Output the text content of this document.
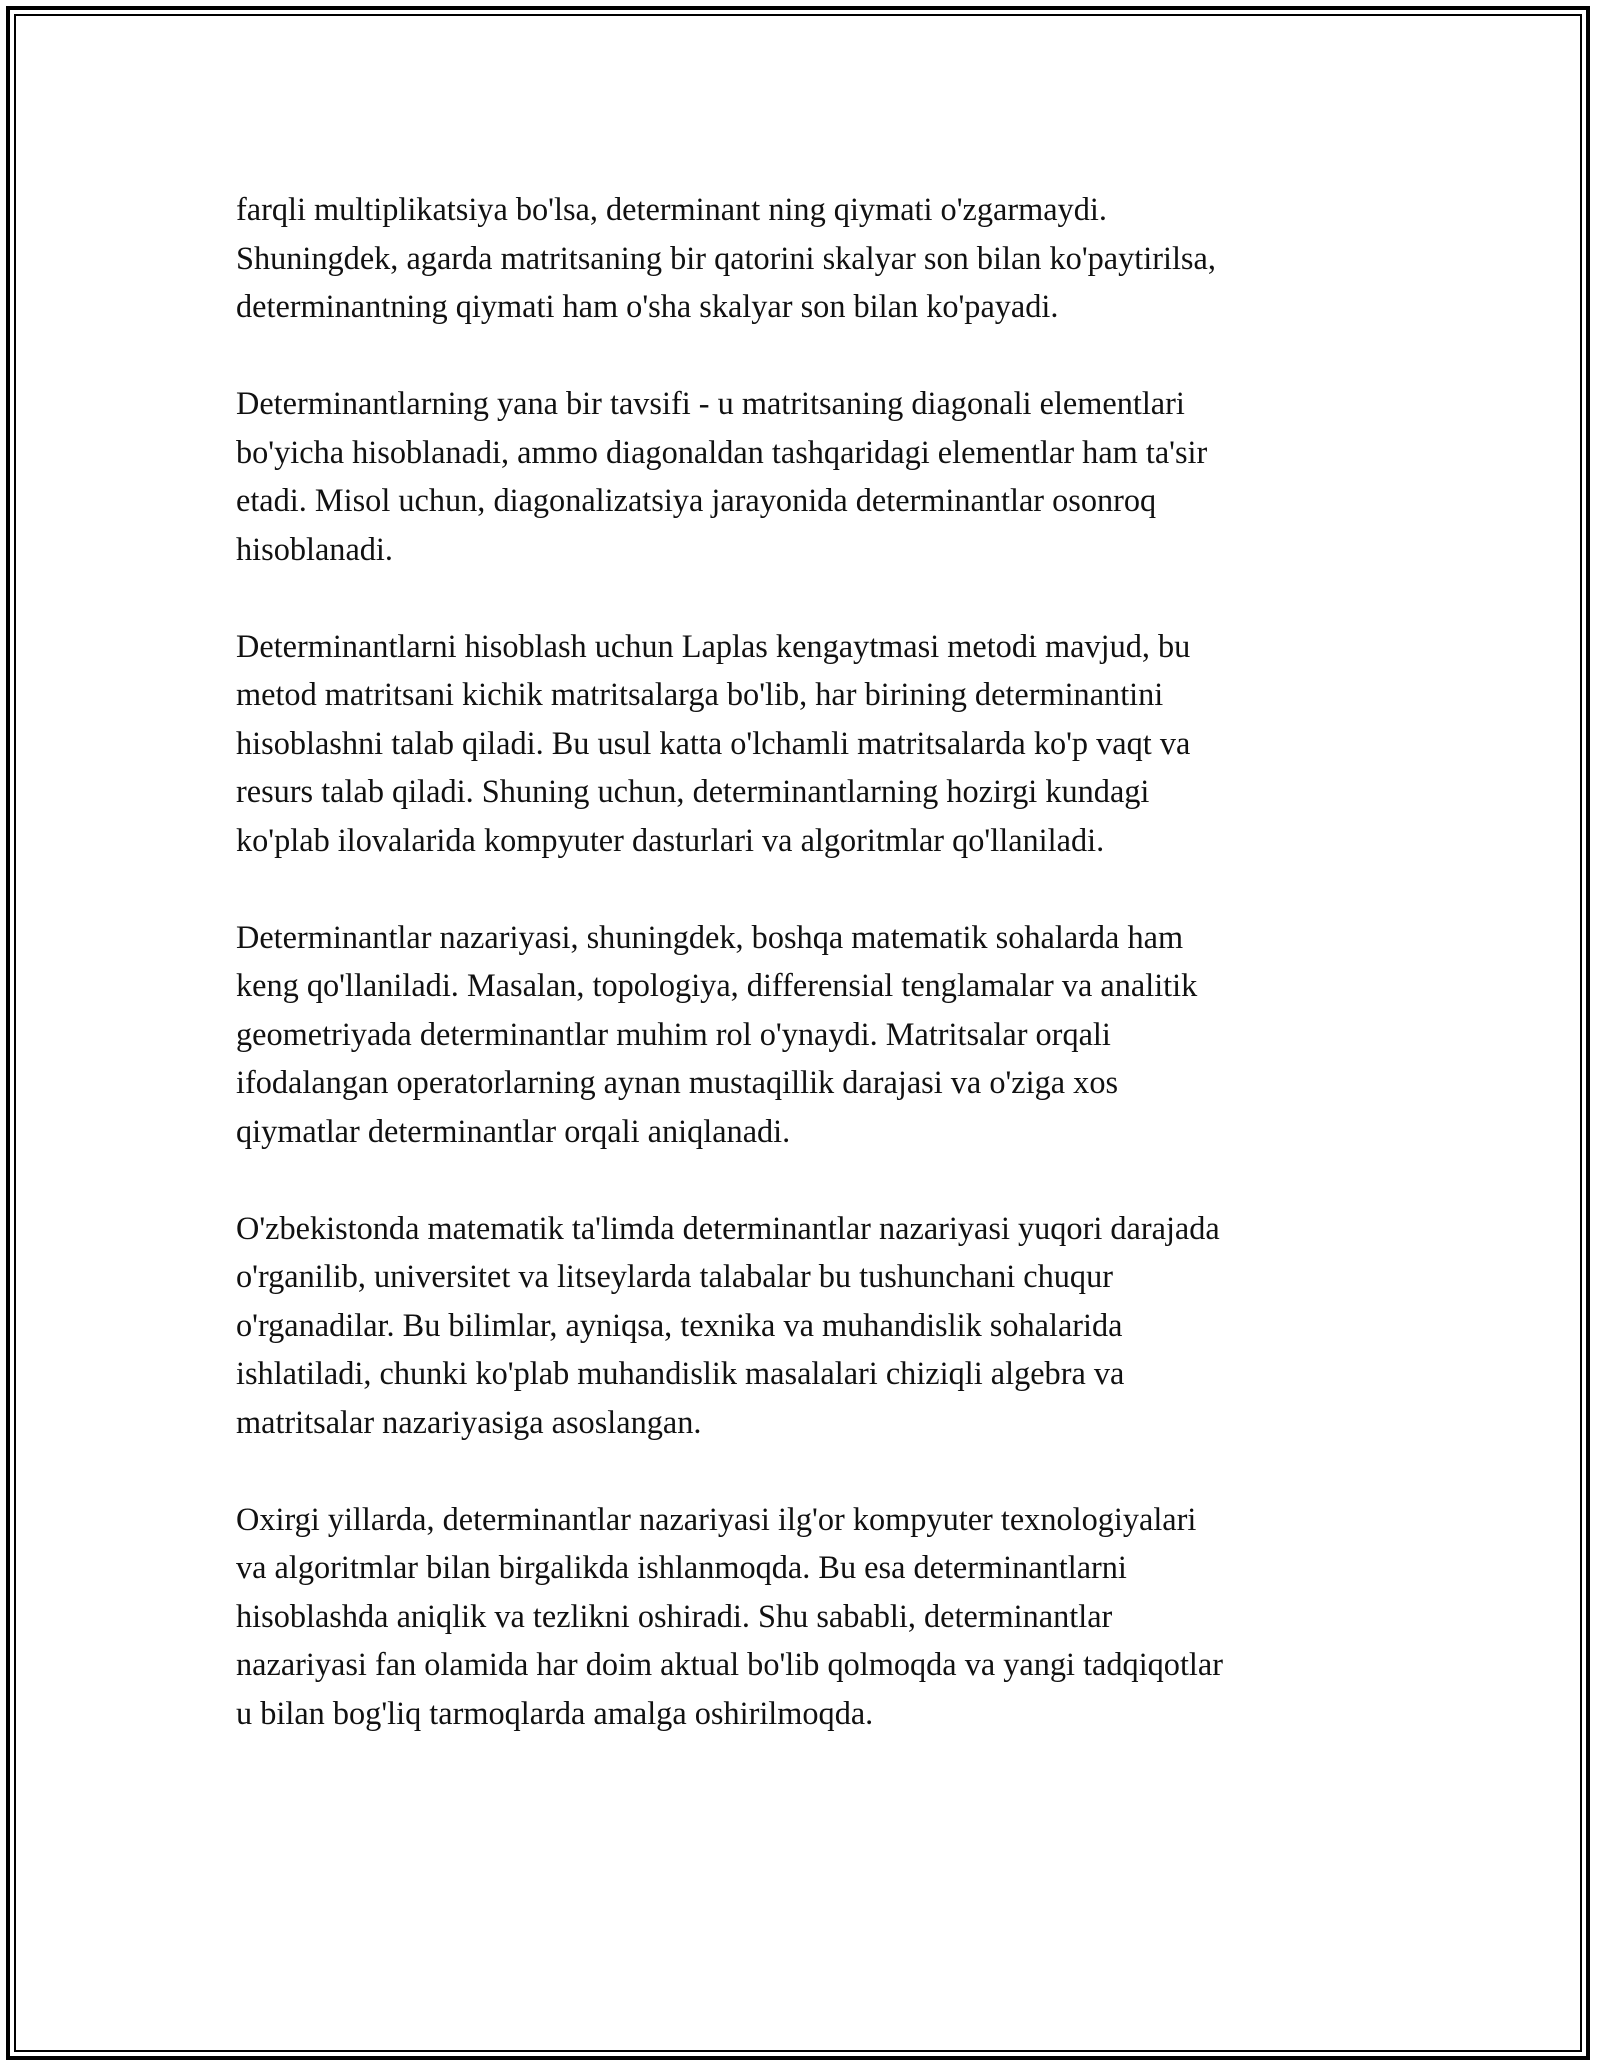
farqli multiplikatsiya bo'lsa, determinant ning qiymati o'zgarmaydi.
Shuningdek, agarda matritsaning bir qatorini skalyar son bilan ko'paytirilsa,
determinantning qiymati ham o'sha skalyar son bilan ko'payadi.

Determinantlarning yana bir tavsifi - u matritsaning diagonali elementlari
bo'yicha hisoblanadi, ammo diagonaldan tashqaridagi elementlar ham ta'sir
etadi. Misol uchun, diagonalizatsiya jarayonida determinantlar osonroq
hisoblanadi.

Determinantlarni hisoblash uchun Laplas kengaytmasi metodi mavjud, bu
metod matritsani kichik matritsalarga bo'lib, har birining determinantini
hisoblashni talab qiladi. Bu usul katta o'lchamli matritsalarda ko'p vaqt va
resurs talab qiladi. Shuning uchun, determinantlarning hozirgi kundagi
ko'plab ilovalarida kompyuter dasturlari va algoritmlar qo'llaniladi.

Determinantlar nazariyasi, shuningdek, boshqa matematik sohalarda ham
keng qo'llaniladi. Masalan, topologiya, differensial tenglamalar va analitik
geometriyada determinantlar muhim rol o'ynaydi. Matritsalar orqali
ifodalangan operatorlarning aynan mustaqillik darajasi va o'ziga xos
qiymatlar determinantlar orqali aniqlanadi.

O'zbekistonda matematik ta'limda determinantlar nazariyasi yuqori darajada
o'rganilib, universitet va litseylarda talabalar bu tushunchani chuqur
o'rganadilar. Bu bilimlar, ayniqsa, texnika va muhandislik sohalarida
ishlatiladi, chunki ko'plab muhandislik masalalari chiziqli algebra va
matritsalar nazariyasiga asoslangan.

Oxirgi yillarda, determinantlar nazariyasi ilg'or kompyuter texnologiyalari
va algoritmlar bilan birgalikda ishlanmoqda. Bu esa determinantlarni
hisoblashda aniqlik va tezlikni oshiradi. Shu sababli, determinantlar
nazariyasi fan olamida har doim aktual bo'lib qolmoqda va yangi tadqiqotlar
u bilan bog'liq tarmoqlarda amalga oshirilmoqda.
